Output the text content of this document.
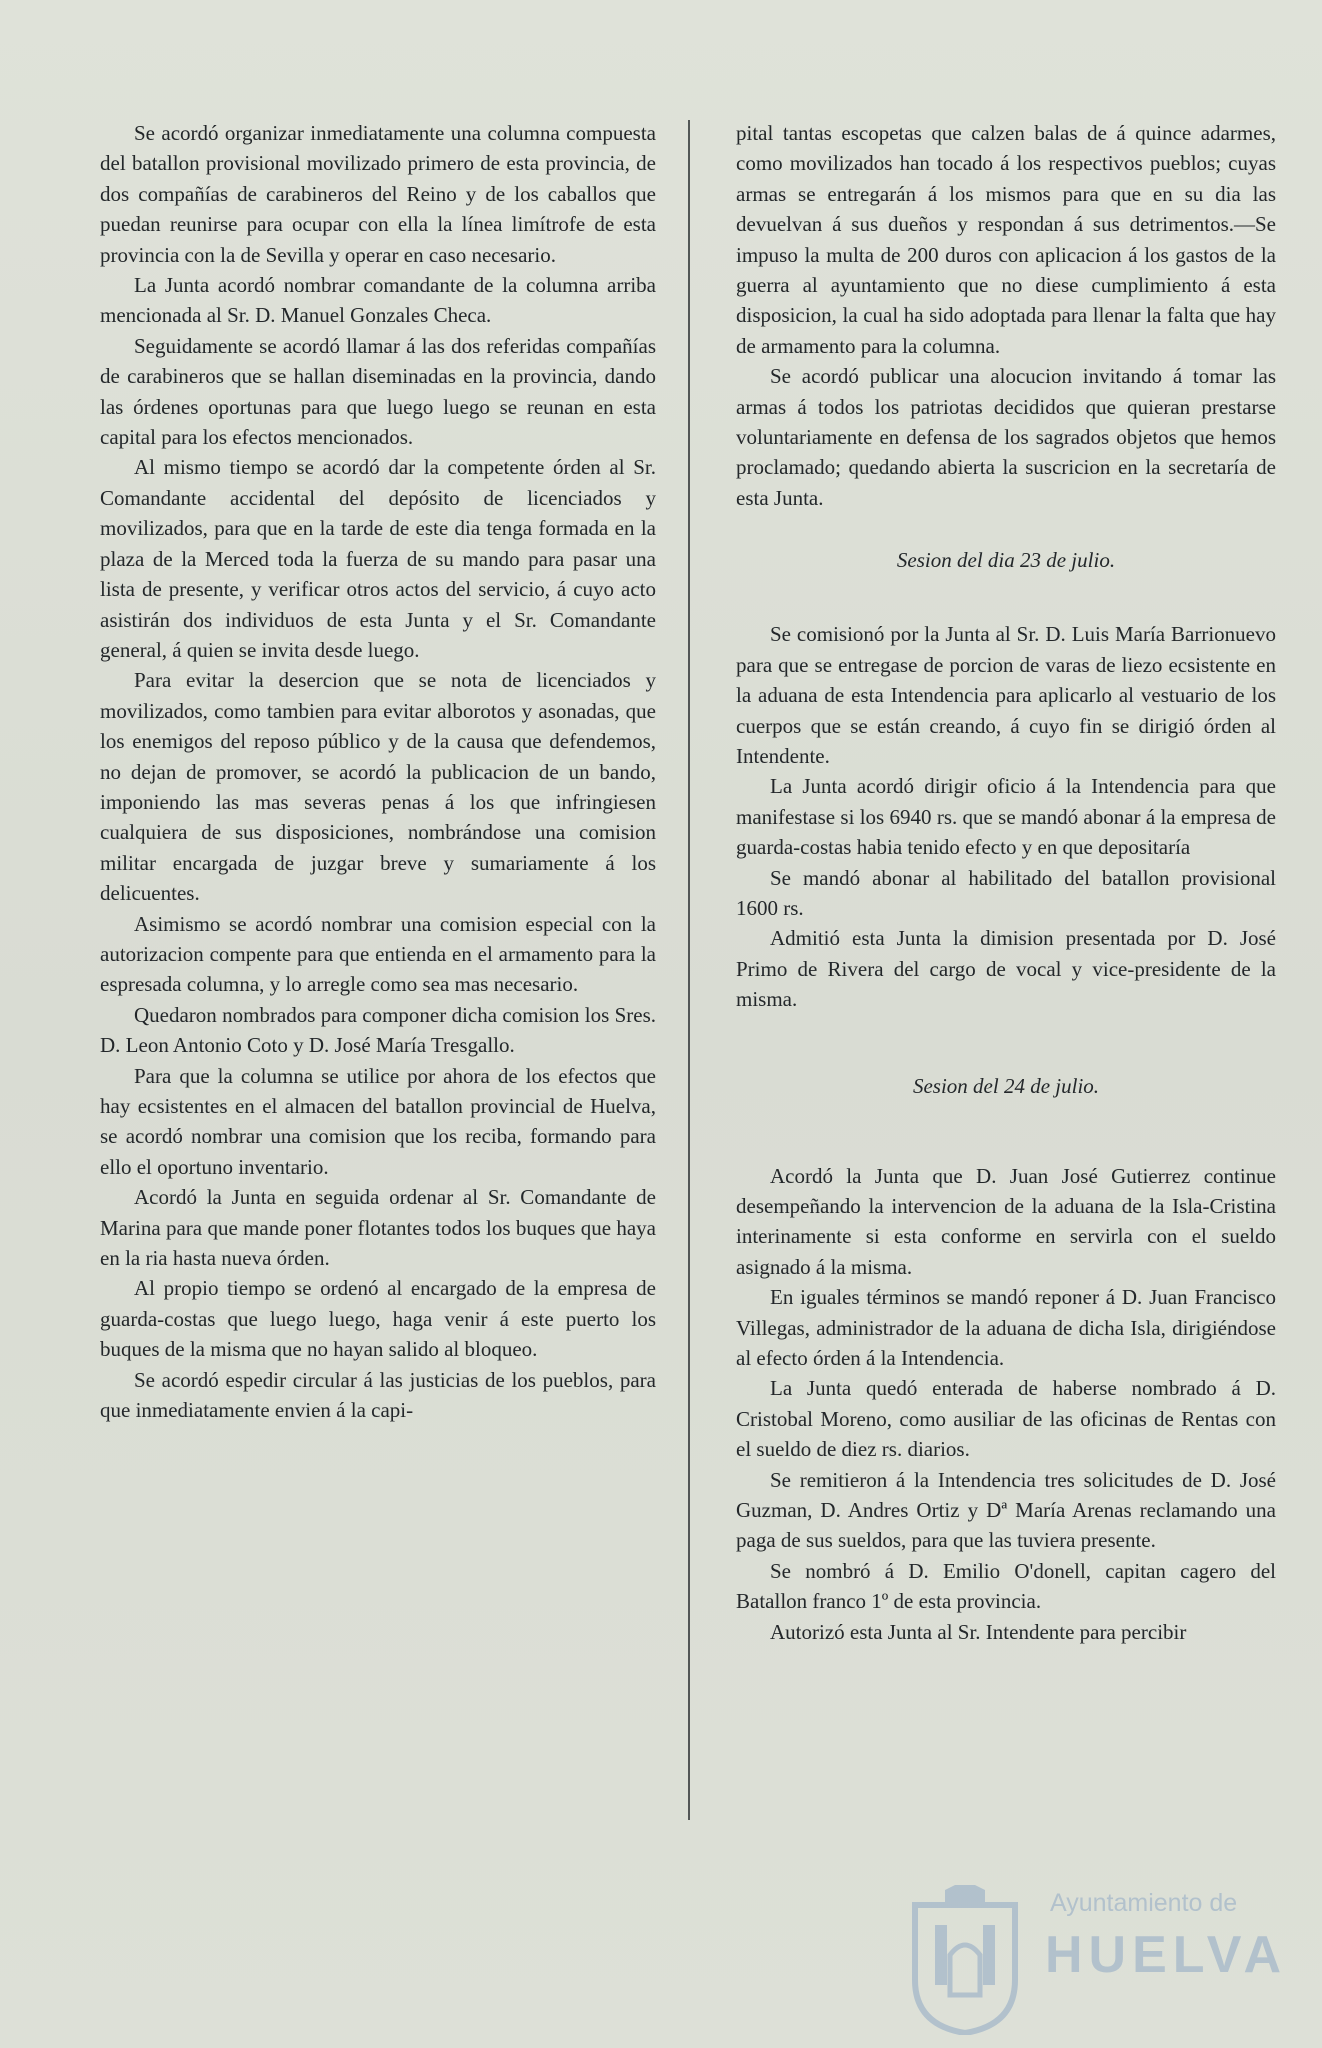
Se acordó organizar inmediatamente una columna compuesta del batallon provisional movilizado primero de esta provincia, de dos compañías de carabineros del Reino y de los caballos que puedan reunirse para ocupar con ella la línea limítrofe de esta provincia con la de Sevilla y operar en caso necesario.

La Junta acordó nombrar comandante de la columna arriba mencionada al Sr. D. Manuel Gonzales Checa.

Seguidamente se acordó llamar á las dos referidas compañías de carabineros que se hallan diseminadas en la provincia, dando las órdenes oportunas para que luego luego se reunan en esta capital para los efectos mencionados.

Al mismo tiempo se acordó dar la competente órden al Sr. Comandante accidental del depósito de licenciados y movilizados, para que en la tarde de este dia tenga formada en la plaza de la Merced toda la fuerza de su mando para pasar una lista de presente, y verificar otros actos del servicio, á cuyo acto asistirán dos individuos de esta Junta y el Sr. Comandante general, á quien se invita desde luego.

Para evitar la desercion que se nota de licenciados y movilizados, como tambien para evitar alborotos y asonadas, que los enemigos del reposo público y de la causa que defendemos, no dejan de promover, se acordó la publicacion de un bando, imponiendo las mas severas penas á los que infringiesen cualquiera de sus disposiciones, nombrándose una comision militar encargada de juzgar breve y sumariamente á los delicuentes.

Asimismo se acordó nombrar una comision especial con la autorizacion compente para que entienda en el armamento para la espresada columna, y lo arregle como sea mas necesario.

Quedaron nombrados para componer dicha comision los Sres. D. Leon Antonio Coto y D. José María Tresgallo.

Para que la columna se utilice por ahora de los efectos que hay ecsistentes en el almacen del batallon provincial de Huelva, se acordó nombrar una comision que los reciba, formando para ello el oportuno inventario.

Acordó la Junta en seguida ordenar al Sr. Comandante de Marina para que mande poner flotantes todos los buques que haya en la ria hasta nueva órden.

Al propio tiempo se ordenó al encargado de la empresa de guarda-costas que luego luego, haga venir á este puerto los buques de la misma que no hayan salido al bloqueo.

Se acordó espedir circular á las justicias de los pueblos, para que inmediatamente envien á la capi-

pital tantas escopetas que calzen balas de á quince adarmes, como movilizados han tocado á los respectivos pueblos; cuyas armas se entregarán á los mismos para que en su dia las devuelvan á sus dueños y respondan á sus detrimentos.—Se impuso la multa de 200 duros con aplicacion á los gastos de la guerra al ayuntamiento que no diese cumplimiento á esta disposicion, la cual ha sido adoptada para llenar la falta que hay de armamento para la columna.

Se acordó publicar una alocucion invitando á tomar las armas á todos los patriotas decididos que quieran prestarse voluntariamente en defensa de los sagrados objetos que hemos proclamado; quedando abierta la suscricion en la secretaría de esta Junta.

Sesion del dia 23 de julio.

Se comisionó por la Junta al Sr. D. Luis María Barrionuevo para que se entregase de porcion de varas de liezo ecsistente en la aduana de esta Intendencia para aplicarlo al vestuario de los cuerpos que se están creando, á cuyo fin se dirigió órden al Intendente.

La Junta acordó dirigir oficio á la Intendencia para que manifestase si los 6940 rs. que se mandó abonar á la empresa de guarda-costas habia tenido efecto y en que depositaría

Se mandó abonar al habilitado del batallon provisional 1600 rs.

Admitió esta Junta la dimision presentada por D. José Primo de Rivera del cargo de vocal y vice-presidente de la misma.

Sesion del 24 de julio.

Acordó la Junta que D. Juan José Gutierrez continue desempeñando la intervencion de la aduana de la Isla-Cristina interinamente si esta conforme en servirla con el sueldo asignado á la misma.

En iguales términos se mandó reponer á D. Juan Francisco Villegas, administrador de la aduana de dicha Isla, dirigiéndose al efecto órden á la Intendencia.

La Junta quedó enterada de haberse nombrado á D. Cristobal Moreno, como ausiliar de las oficinas de Rentas con el sueldo de diez rs. diarios.

Se remitieron á la Intendencia tres solicitudes de D. José Guzman, D. Andres Ortiz y Dª María Arenas reclamando una paga de sus sueldos, para que las tuviera presente.

Se nombró á D. Emilio O'donell, capitan cagero del Batallon franco 1º de esta provincia.

Autorizó esta Junta al Sr. Intendente para percibir

Ayuntamiento de
HUELVA
